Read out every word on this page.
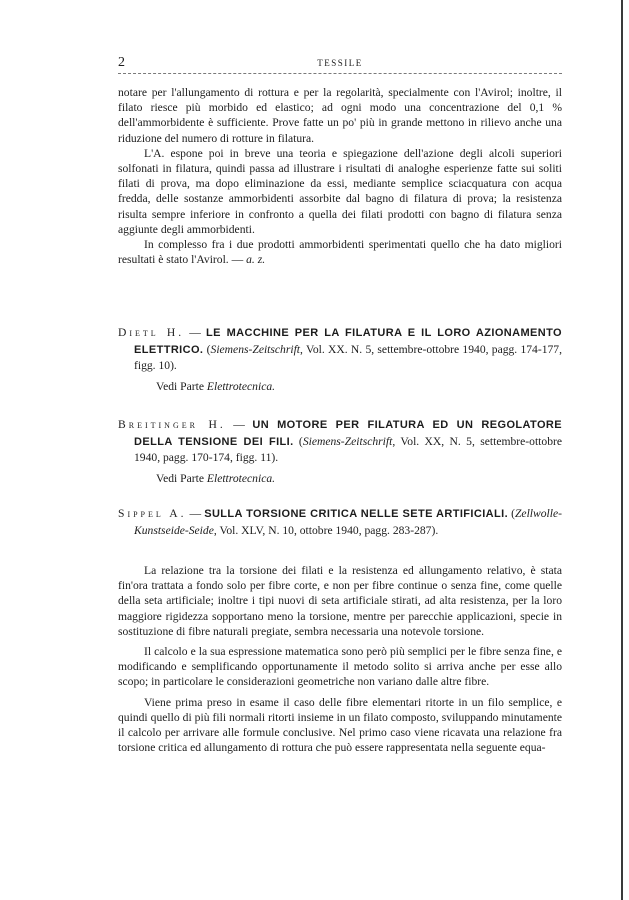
2	TESSILE

notare per l'allungamento di rottura e per la regolarità, specialmente con l'Avirol; inoltre, il filato riesce più morbido ed elastico; ad ogni modo una concentrazione del 0,1 % dell'ammorbidente è sufficiente. Prove fatte un po' più in grande mettono in rilievo anche una riduzione del numero di rotture in filatura.

L'A. espone poi in breve una teoria e spiegazione dell'azione degli alcoli superiori solfonati in filatura, quindi passa ad illustrare i risultati di analoghe esperienze fatte sui soliti filati di prova, ma dopo eliminazione da essi, mediante semplice sciacquatura con acqua fredda, delle sostanze ammorbidenti assorbite dal bagno di filatura di prova; la resistenza risulta sempre inferiore in confronto a quella dei filati prodotti con bagno di filatura senza aggiunte degli ammorbidenti.

In complesso fra i due prodotti ammorbidenti sperimentati quello che ha dato migliori resultati è stato l'Avirol. — a. z.

Dietl H. — LE MACCHINE PER LA FILATURA E IL LORO AZIONAMENTO ELETTRICO. (Siemens-Zeitschrift, Vol. XX. N. 5, settembre-ottobre 1940, pagg. 174-177, figg. 10).

Vedi Parte Elettrotecnica.

Breitinger H. — UN MOTORE PER FILATURA ED UN REGOLATORE DELLA TENSIONE DEI FILI. (Siemens-Zeitschrift, Vol. XX, N. 5, settembre-ottobre 1940, pagg. 170-174, figg. 11).

Vedi Parte Elettrotecnica.

Sippel A. — SULLA TORSIONE CRITICA NELLE SETE ARTIFICIALI. (Zellwolle-Kunstseide-Seide, Vol. XLV, N. 10, ottobre 1940, pagg. 283-287).

La relazione tra la torsione dei filati e la resistenza ed allungamento relativo, è stata fin'ora trattata a fondo solo per fibre corte, e non per fibre continue o senza fine, come quelle della seta artificiale; inoltre i tipi nuovi di seta artificiale stirati, ad alta resistenza, per la loro maggiore rigidezza sopportano meno la torsione, mentre per parecchie applicazioni, specie in sostituzione di fibre naturali pregiate, sembra necessaria una notevole torsione.

Il calcolo e la sua espressione matematica sono però più semplici per le fibre senza fine, e modificando e semplificando opportunamente il metodo solito si arriva anche per esse allo scopo; in particolare le considerazioni geometriche non variano dalle altre fibre.

Viene prima preso in esame il caso delle fibre elementari ritorte in un filo semplice, e quindi quello di più fili normali ritorti insieme in un filato composto, sviluppando minutamente il calcolo per arrivare alle formule conclusive. Nel primo caso viene ricavata una relazione fra torsione critica ed allungamento di rottura che può essere rappresentata nella seguente equa-
